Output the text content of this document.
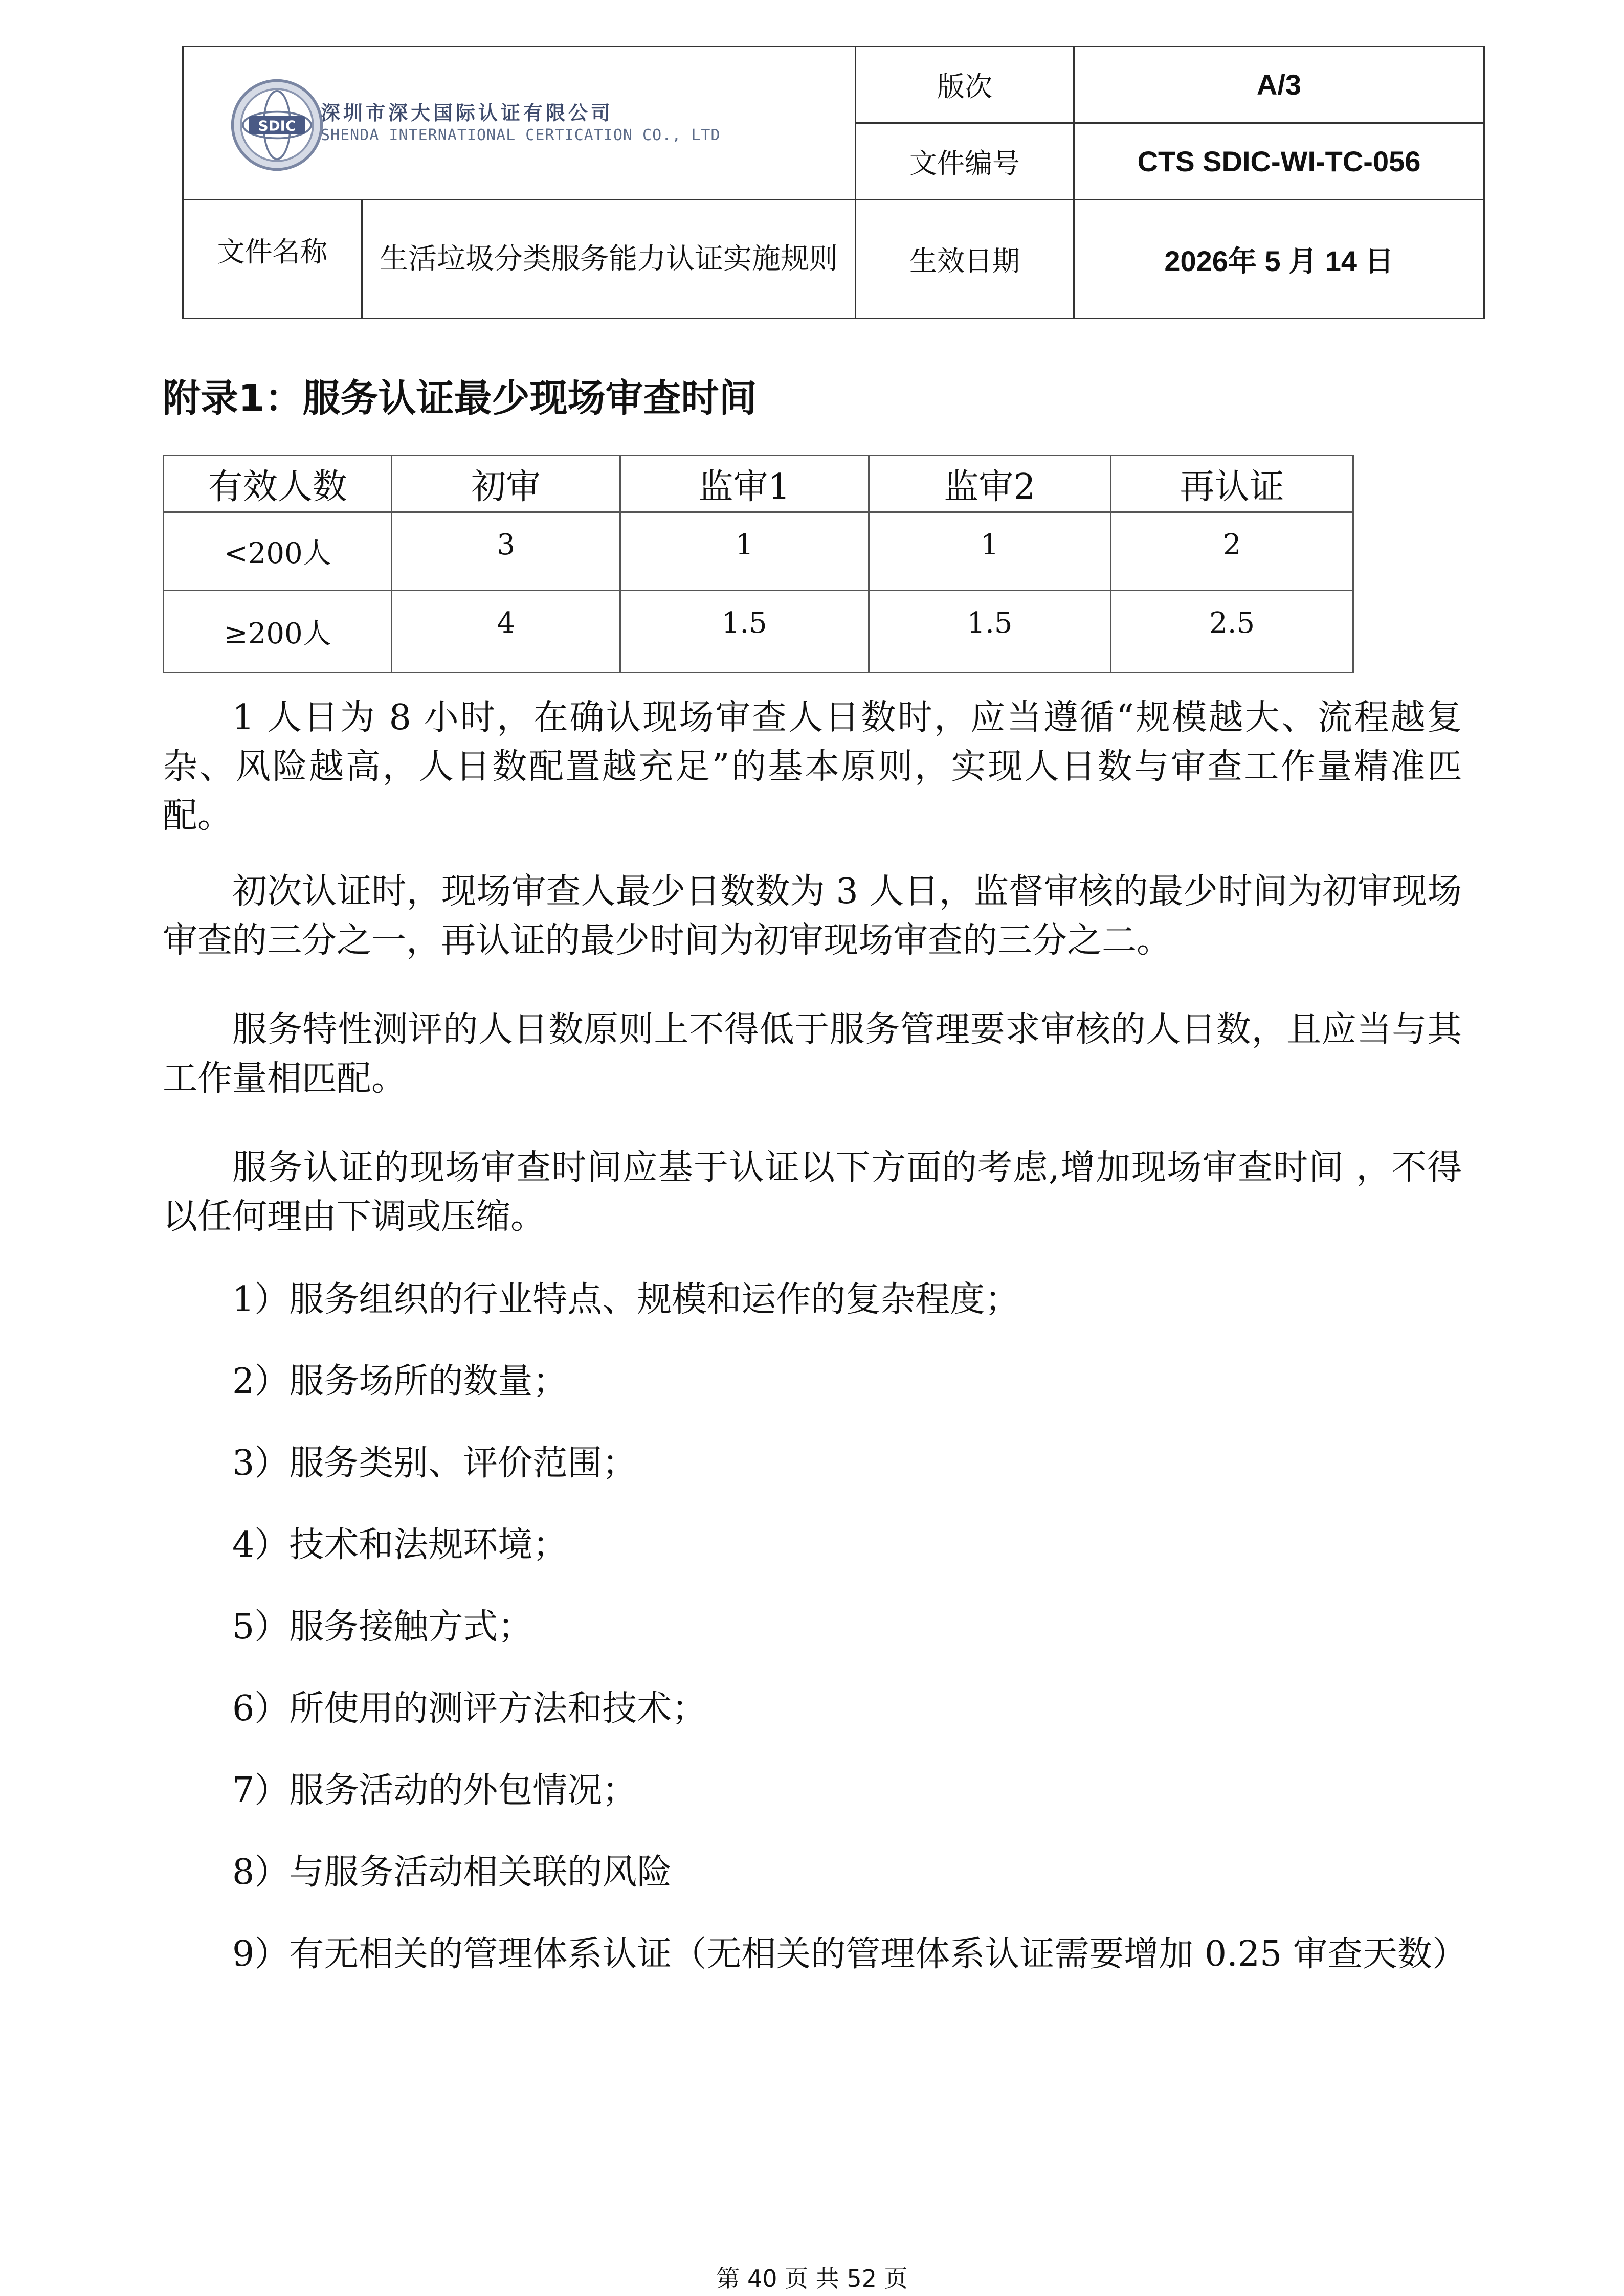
SDIC
深圳市深大国际认证有限公司
SHENDA INTERNATIONAL CERTICATION CO., LTD		版次	A/3
		文件编号	CTS SDIC-WI-TC-056
文件名称	生活垃圾分类服务能力认证实施规则	生效日期	2026年 5 月 14 日
附录1：服务认证最少现场审查时间
有效人数	初审	监审1	监审2	再认证
<200人	3	1	1	2
≥200人	4	1.5	1.5	2.5

1 人日为 8 小时，在确认现场审查人日数时，应当遵循“规模越大、流程越复杂、风险越高，人日数配置越充足”的基本原则，实现人日数与审查工作量精准匹配。

初次认证时，现场审查人最少日数数为 3 人日，监督审核的最少时间为初审现场审查的三分之一，再认证的最少时间为初审现场审查的三分之二。

服务特性测评的人日数原则上不得低于服务管理要求审核的人日数，且应当与其工作量相匹配。

服务认证的现场审查时间应基于认证以下方面的考虑,增加现场审查时间 ，不得以任何理由下调或压缩。

1）服务组织的行业特点、规模和运作的复杂程度；

2）服务场所的数量；

3）服务类别、评价范围；

4）技术和法规环境；

5）服务接触方式；

6）所使用的测评方法和技术；

7）服务活动的外包情况；

8）与服务活动相关联的风险

9）有无相关的管理体系认证（无相关的管理体系认证需要增加 0.25 审查天数）

第 40 页 共 52 页
